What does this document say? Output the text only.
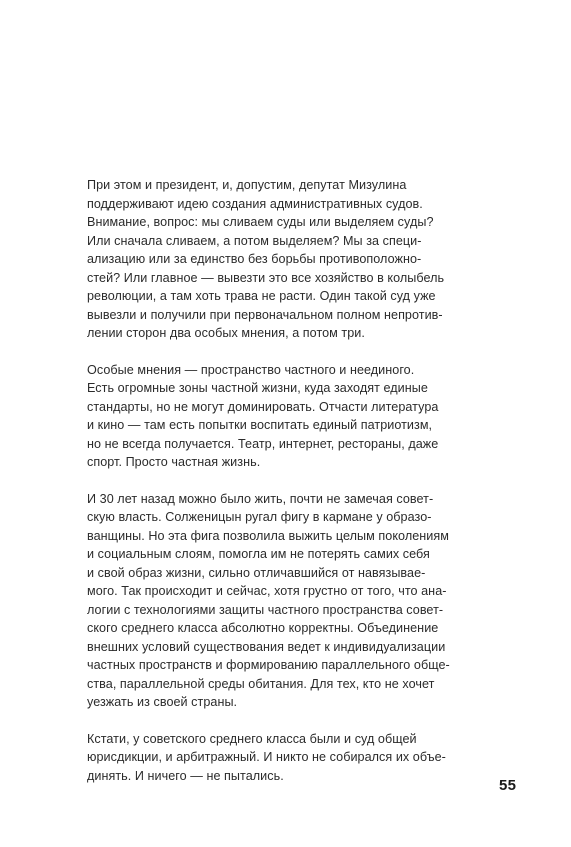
При этом и президент, и, допустим, депутат Мизулина
поддерживают идею создания административных судов.
Внимание, вопрос: мы сливаем суды или выделяем суды?
Или сначала сливаем, а потом выделяем? Мы за специ-
ализацию или за единство без борьбы противоположно-
стей? Или главное — вывезти это все хозяйство в колыбель
революции, а там хоть трава не расти. Один такой суд уже
вывезли и получили при первоначальном полном непротив-
лении сторон два особых мнения, а потом три.

Особые мнения — пространство частного и неединого.
Есть огромные зоны частной жизни, куда заходят единые
стандарты, но не могут доминировать. Отчасти литература
и кино — там есть попытки воспитать единый патриотизм,
но не всегда получается. Театр, интернет, рестораны, даже
спорт. Просто частная жизнь.

И 30 лет назад можно было жить, почти не замечая совет-
скую власть. Солженицын ругал фигу в кармане у образо-
ванщины. Но эта фига позволила выжить целым поколениям
и социальным слоям, помогла им не потерять самих себя
и свой образ жизни, сильно отличавшийся от навязывае-
мого. Так происходит и сейчас, хотя грустно от того, что ана-
логии с технологиями защиты частного пространства совет-
ского среднего класса абсолютно корректны. Объединение
внешних условий существования ведет к индивидуализации
частных пространств и формированию параллельного обще-
ства, параллельной среды обитания. Для тех, кто не хочет
уезжать из своей страны.

Кстати, у советского среднего класса были и суд общей
юрисдикции, и арбитражный. И никто не собирался их объе-
динять. И ничего — не пытались.

55
